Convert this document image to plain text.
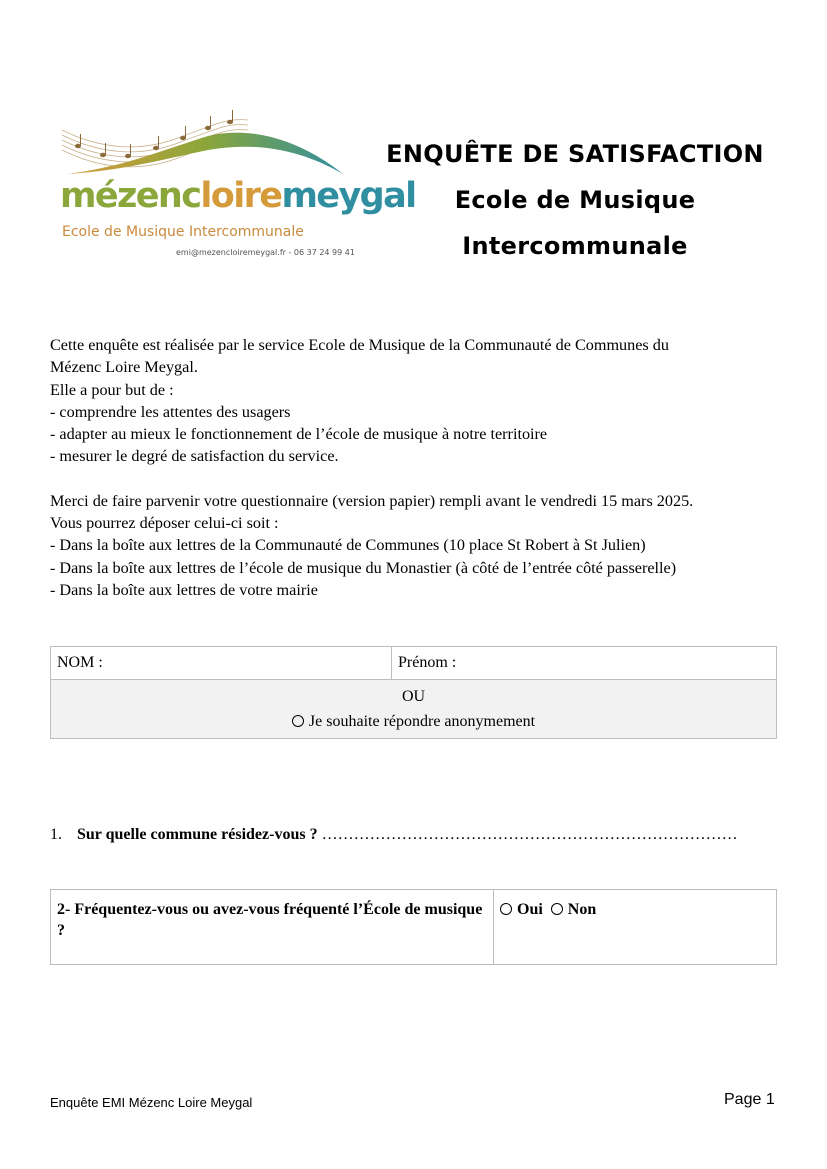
mézencloiremeygal
Ecole de Musique Intercommunale
emi@mezencloiremeygal.fr - 06 37 24 99 41
ENQUÊTE DE SATISFACTION
Ecole de Musique
Intercommunale

Cette enquête est réalisée par le service Ecole de Musique de la Communauté de Communes du

Mézenc Loire Meygal.

Elle a pour but de :

- comprendre les attentes des usagers

- adapter au mieux le fonctionnement de l’école de musique à notre territoire

- mesurer le degré de satisfaction du service.

Merci de faire parvenir votre questionnaire (version papier) rempli avant le vendredi 15 mars 2025.

Vous pourrez déposer celui-ci soit :

- Dans la boîte aux lettres de la Communauté de Communes (10 place St Robert à St Julien)

- Dans la boîte aux lettres de l’école de musique du Monastier (à côté de l’entrée côté passerelle)

- Dans la boîte aux lettres de votre mairie

NOM :	Prénom :

OU
Je souhaite répondre anonymement
1. Sur quelle commune résidez-vous ? ……………………………………………………………………
2- Fréquentez-vous ou avez-vous fréquenté l’École de musique ?	Oui Non
Enquête EMI Mézenc Loire Meygal	Page 1
